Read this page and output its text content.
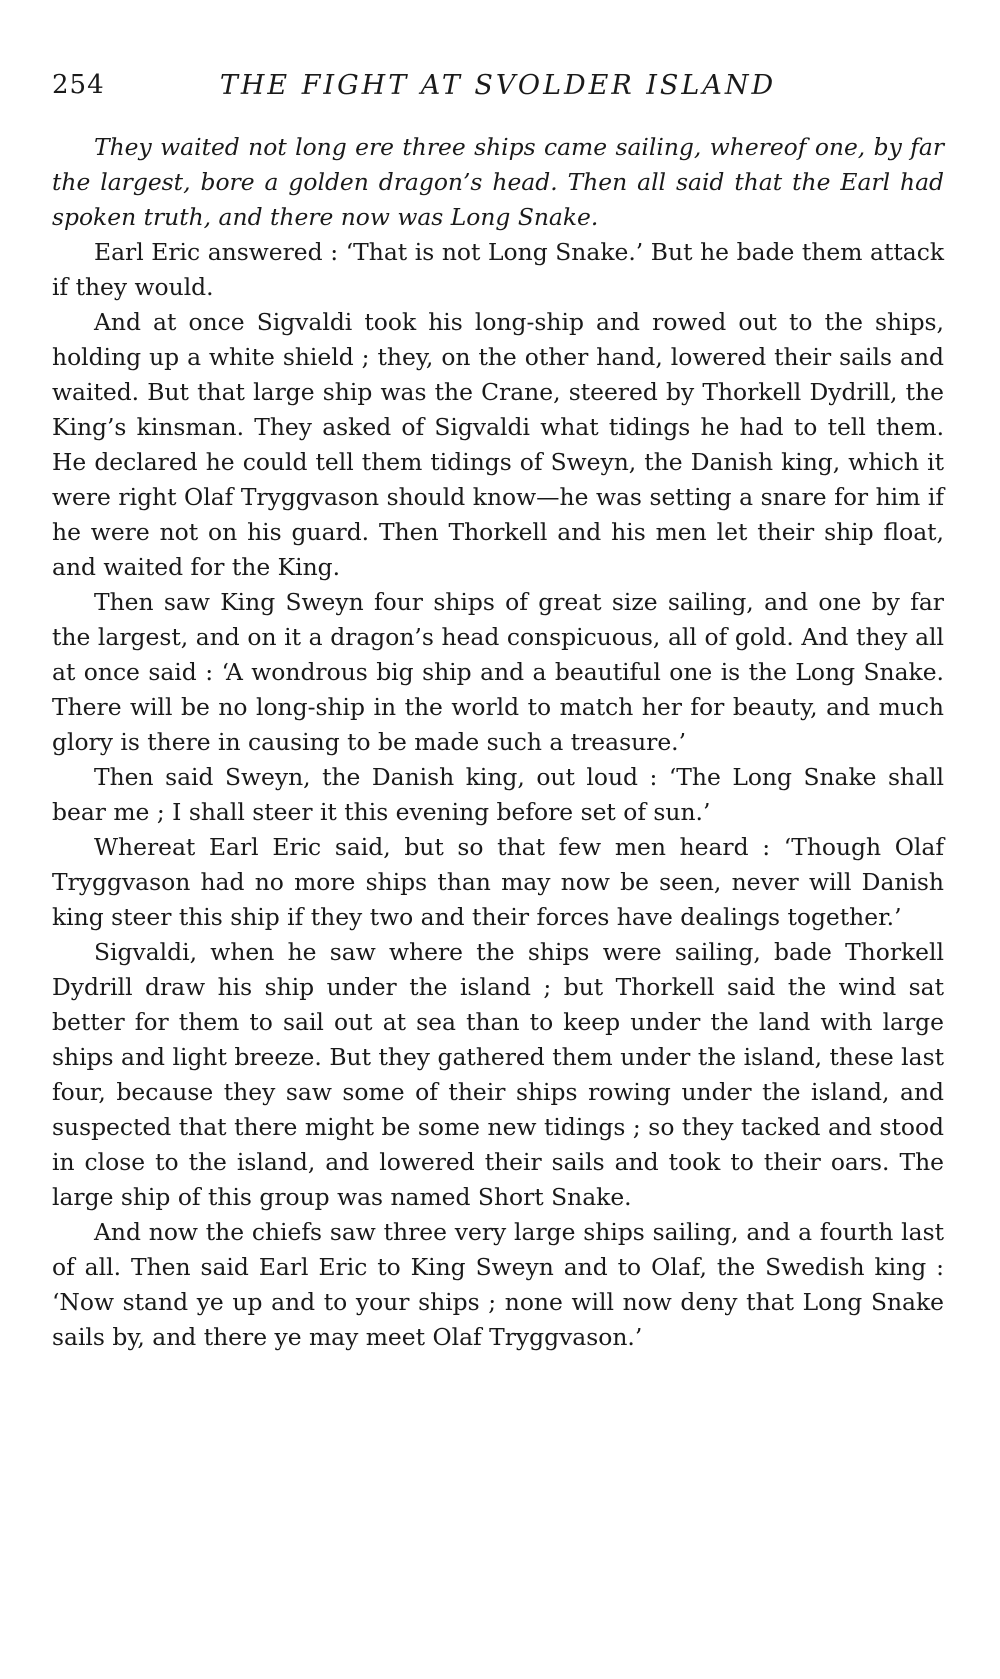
254	THE FIGHT AT SVOLDER ISLAND

They waited not long ere three ships came sailing, whereof one, by far the largest, bore a golden dragon’s head. Then all said that the Earl had spoken truth, and there now was Long Snake.

Earl Eric answered : ‘That is not Long Snake.’ But he bade them attack if they would.

And at once Sigvaldi took his long-ship and rowed out to the ships, holding up a white shield ; they, on the other hand, lowered their sails and waited. But that large ship was the Crane, steered by Thorkell Dydrill, the King’s kinsman. They asked of Sigvaldi what tidings he had to tell them. He declared he could tell them tidings of Sweyn, the Danish king, which it were right Olaf Tryggvason should know—he was setting a snare for him if he were not on his guard. Then Thorkell and his men let their ship float, and waited for the King.

Then saw King Sweyn four ships of great size sailing, and one by far the largest, and on it a dragon’s head conspicuous, all of gold. And they all at once said : ‘A wondrous big ship and a beautiful one is the Long Snake. There will be no long-ship in the world to match her for beauty, and much glory is there in causing to be made such a treasure.’

Then said Sweyn, the Danish king, out loud : ‘The Long Snake shall bear me ; I shall steer it this evening before set of sun.’

Whereat Earl Eric said, but so that few men heard : ‘Though Olaf Tryggvason had no more ships than may now be seen, never will Danish king steer this ship if they two and their forces have dealings together.’

Sigvaldi, when he saw where the ships were sailing, bade Thorkell Dydrill draw his ship under the island ; but Thorkell said the wind sat better for them to sail out at sea than to keep under the land with large ships and light breeze. But they gathered them under the island, these last four, because they saw some of their ships rowing under the island, and suspected that there might be some new tidings ; so they tacked and stood in close to the island, and lowered their sails and took to their oars. The large ship of this group was named Short Snake.

And now the chiefs saw three very large ships sailing, and a fourth last of all. Then said Earl Eric to King Sweyn and to Olaf, the Swedish king : ‘Now stand ye up and to your ships ; none will now deny that Long Snake sails by, and there ye may meet Olaf Tryggvason.’
